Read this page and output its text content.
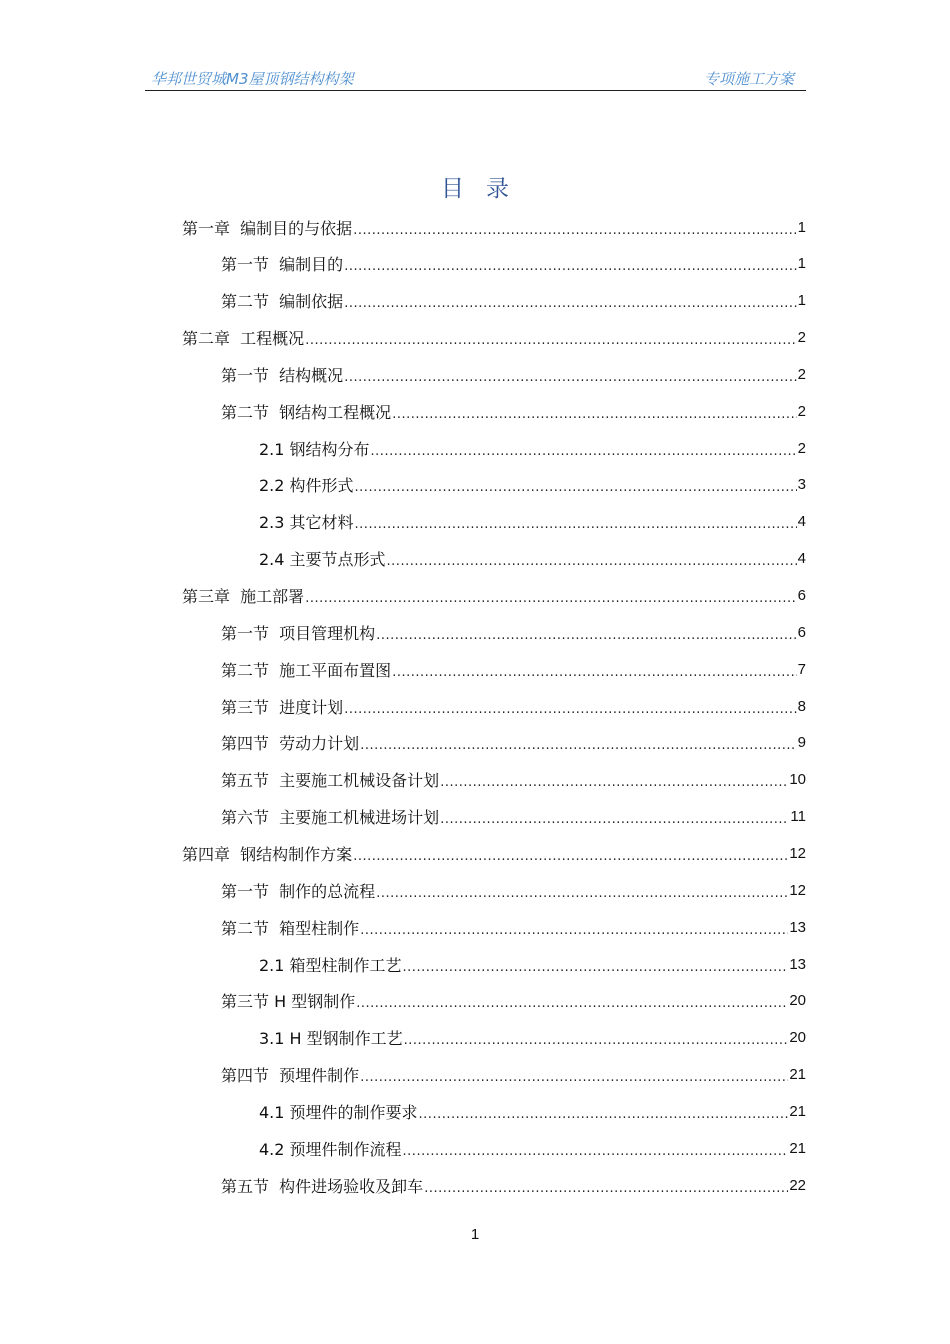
华邦世贸城M3屋顶钢结构构架	专项施工方案
目录
第一章  编制目的与依据 .....	1
第一节  编制目的 .....	1
第二节  编制依据 .....	1
第二章  工程概况 .....	2
第一节  结构概况 .....	2
第二节  钢结构工程概况 .....	2
2.1 钢结构分布 .....	2
2.2 构件形式 .....	3
2.3 其它材料 .....	4
2.4 主要节点形式 .....	4
第三章  施工部署 .....	6
第一节  项目管理机构 .....	6
第二节  施工平面布置图 .....	7
第三节  进度计划 .....	8
第四节  劳动力计划 .....	9
第五节  主要施工机械设备计划 .....	10
第六节  主要施工机械进场计划 .....	11
第四章  钢结构制作方案 .....	12
第一节  制作的总流程 .....	12
第二节  箱型柱制作 .....	13
2.1 箱型柱制作工艺 .....	13
第三节 H 型钢制作 .....	20
3.1 H 型钢制作工艺 .....	20
第四节  预埋件制作 .....	21
4.1 预埋件的制作要求 .....	21
4.2 预埋件制作流程 .....	21
第五节  构件进场验收及卸车 .....	22
1
